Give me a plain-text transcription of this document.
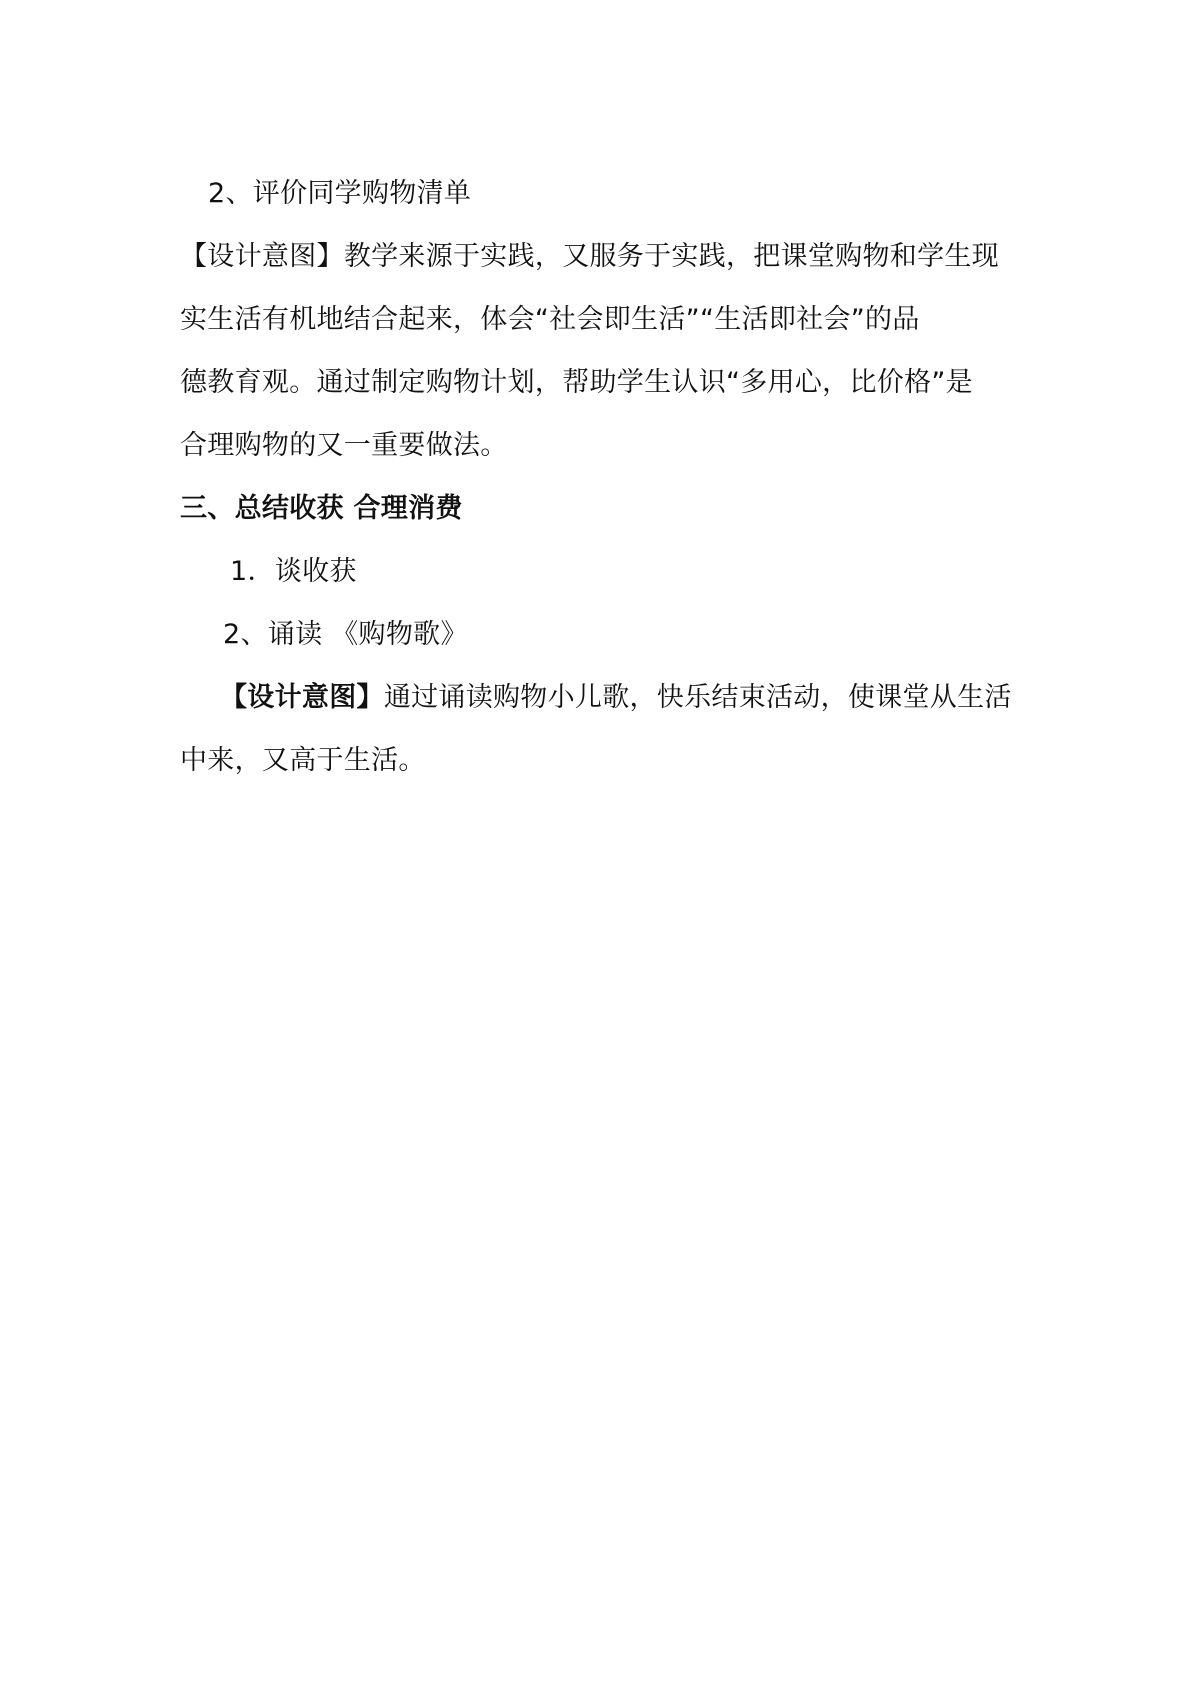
2、评价同学购物清单
【设计意图】教学来源于实践，又服务于实践，把课堂购物和学生现
实生活有机地结合起来，体会“社会即生活”“生活即社会”的品
德教育观。通过制定购物计划，帮助学生认识“多用心，比价格”是
合理购物的又一重要做法。
三、总结收获 合理消费
1．谈收获
2、诵读 《购物歌》
【设计意图】通过诵读购物小儿歌，快乐结束活动，使课堂从生活
中来，又高于生活。
